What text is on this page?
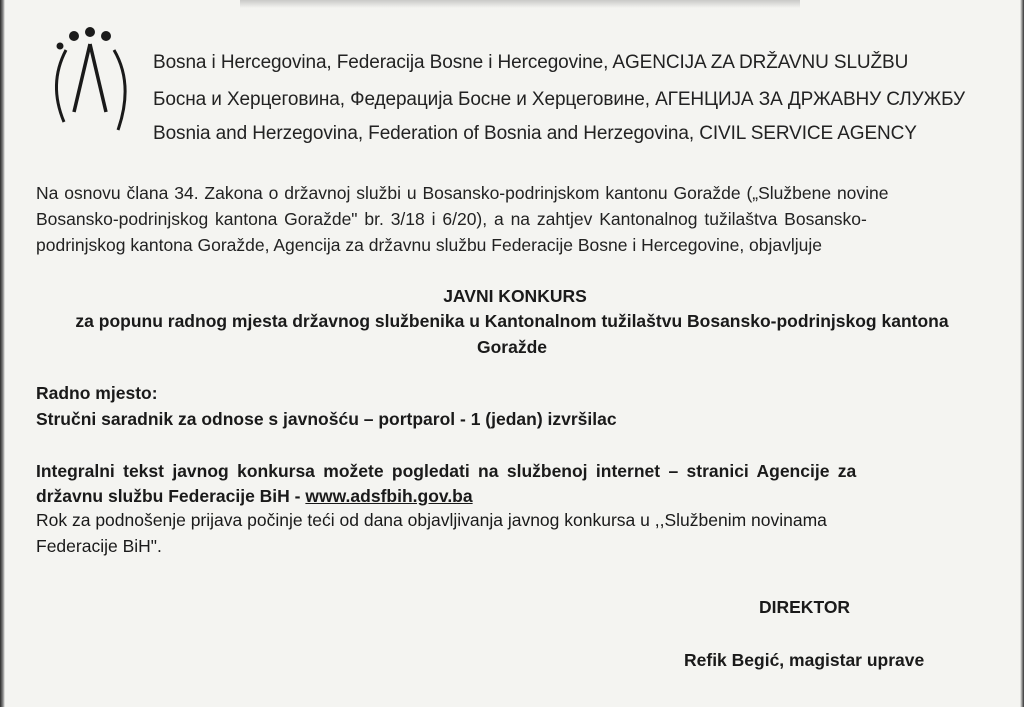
Bosna i Hercegovina, Federacija Bosne i Hercegovine, AGENCIJA ZA DRŽAVNU SLUŽBU
Босна и Херцеговина, Федерација Босне и Херцеговине, АГЕНЦИЈА ЗА ДРЖАВНУ СЛУЖБУ
Bosnia and Herzegovina, Federation of Bosnia and Herzegovina, CIVIL SERVICE AGENCY
Na osnovu člana 34. Zakona o državnoj službi u Bosansko-podrinjskom kantonu Goražde („Službene novine
Bosansko-podrinjskog kantona Goražde" br. 3/18 i 6/20), a na zahtjev Kantonalnog tužilaštva Bosansko-
podrinjskog kantona Goražde, Agencija za državnu službu Federacije Bosne i Hercegovine, objavljuje
JAVNI KONKURS
za popunu radnog mjesta državnog službenika u Kantonalnom tužilaštvu Bosansko-podrinjskog kantona
Goražde
Radno mjesto:
Stručni saradnik za odnose s javnošću – portparol - 1 (jedan) izvršilac
Integralni tekst javnog konkursa možete pogledati na službenoj internet – stranici Agencije za
državnu službu Federacije BiH - www.adsfbih.gov.ba
Rok za podnošenje prijava počinje teći od dana objavljivanja javnog konkursa u ,,Službenim novinama
Federacije BiH".
DIREKTOR
Refik Begić, magistar uprave
